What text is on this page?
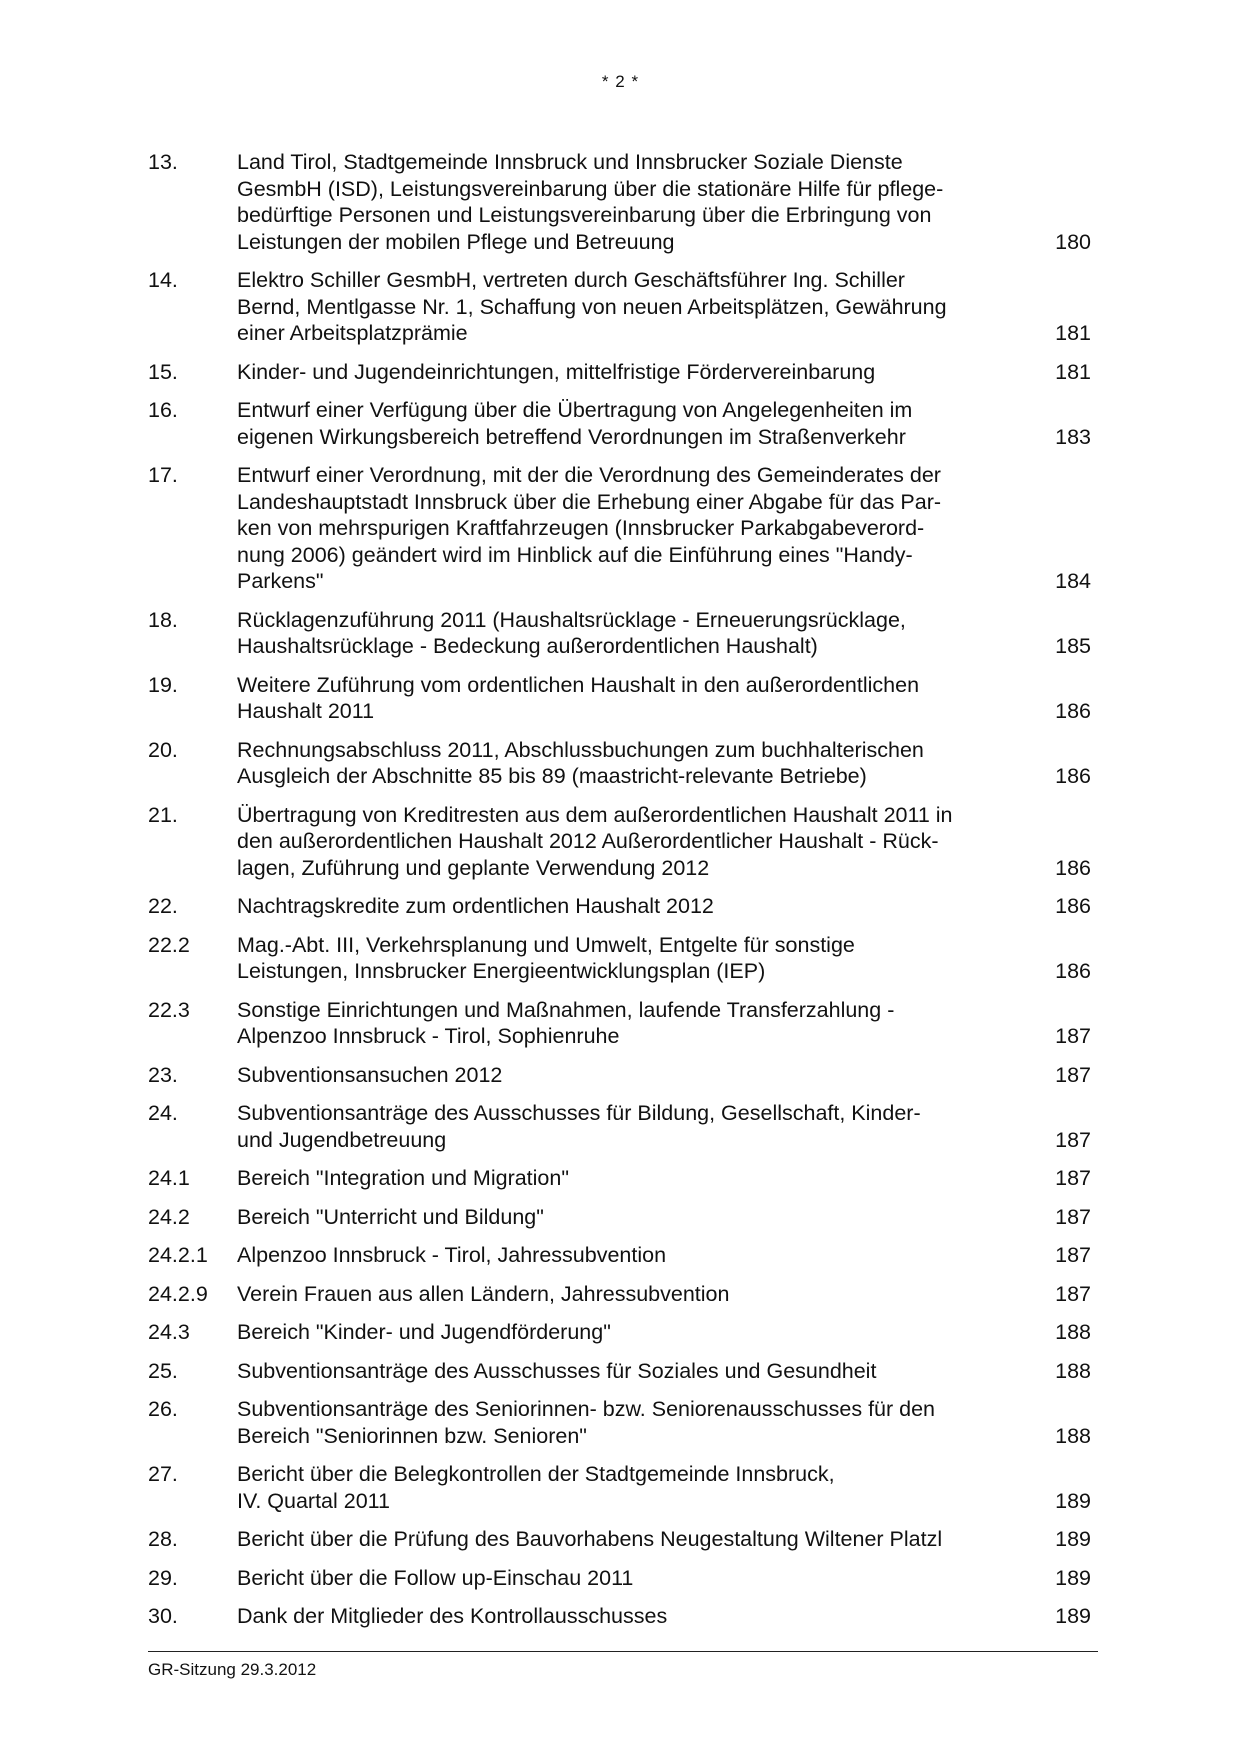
* 2 *
13.	Land Tirol, Stadtgemeinde Innsbruck und Innsbrucker Soziale Dienste
GesmbH (ISD), Leistungsvereinbarung über die stationäre Hilfe für pflege-
bedürftige Personen und Leistungsvereinbarung über die Erbringung von
Leistungen der mobilen Pflege und Betreuung	180
14.	Elektro Schiller GesmbH, vertreten durch Geschäftsführer Ing. Schiller
Bernd, Mentlgasse Nr. 1, Schaffung von neuen Arbeitsplätzen, Gewährung
einer Arbeitsplatzprämie	181
15.	Kinder- und Jugendeinrichtungen, mittelfristige Fördervereinbarung	181
16.	Entwurf einer Verfügung über die Übertragung von Angelegenheiten im
eigenen Wirkungsbereich betreffend Verordnungen im Straßenverkehr	183
17.	Entwurf einer Verordnung, mit der die Verordnung des Gemeinderates der
Landeshauptstadt Innsbruck über die Erhebung einer Abgabe für das Par-
ken von mehrspurigen Kraftfahrzeugen (Innsbrucker Parkabgabeverord-
nung 2006) geändert wird im Hinblick auf die Einführung eines "Handy-
Parkens"	184
18.	Rücklagenzuführung 2011 (Haushaltsrücklage - Erneuerungsrücklage,
Haushaltsrücklage - Bedeckung außerordentlichen Haushalt)	185
19.	Weitere Zuführung vom ordentlichen Haushalt in den außerordentlichen
Haushalt 2011	186
20.	Rechnungsabschluss 2011, Abschlussbuchungen zum buchhalterischen
Ausgleich der Abschnitte 85 bis 89 (maastricht-relevante Betriebe)	186
21.	Übertragung von Kreditresten aus dem außerordentlichen Haushalt 2011 in
den außerordentlichen Haushalt 2012 Außerordentlicher Haushalt - Rück-
lagen, Zuführung und geplante Verwendung 2012	186
22.	Nachtragskredite zum ordentlichen Haushalt 2012	186
22.2	Mag.-Abt. III, Verkehrsplanung und Umwelt, Entgelte für sonstige
Leistungen, Innsbrucker Energieentwicklungsplan (IEP)	186
22.3	Sonstige Einrichtungen und Maßnahmen, laufende Transferzahlung -
Alpenzoo Innsbruck - Tirol, Sophienruhe	187
23.	Subventionsansuchen 2012	187
24.	Subventionsanträge des Ausschusses für Bildung, Gesellschaft, Kinder-
und Jugendbetreuung	187
24.1	Bereich "Integration und Migration"	187
24.2	Bereich "Unterricht und Bildung"	187
24.2.1	Alpenzoo Innsbruck - Tirol, Jahressubvention	187
24.2.9	Verein Frauen aus allen Ländern, Jahressubvention	187
24.3	Bereich "Kinder- und Jugendförderung"	188
25.	Subventionsanträge des Ausschusses für Soziales und Gesundheit	188
26.	Subventionsanträge des Seniorinnen- bzw. Seniorenausschusses für den
Bereich "Seniorinnen bzw. Senioren"	188
27.	Bericht über die Belegkontrollen der Stadtgemeinde Innsbruck,
IV. Quartal 2011	189
28.	Bericht über die Prüfung des Bauvorhabens Neugestaltung Wiltener Platzl	189
29.	Bericht über die Follow up-Einschau 2011	189
30.	Dank der Mitglieder des Kontrollausschusses	189
GR-Sitzung 29.3.2012
